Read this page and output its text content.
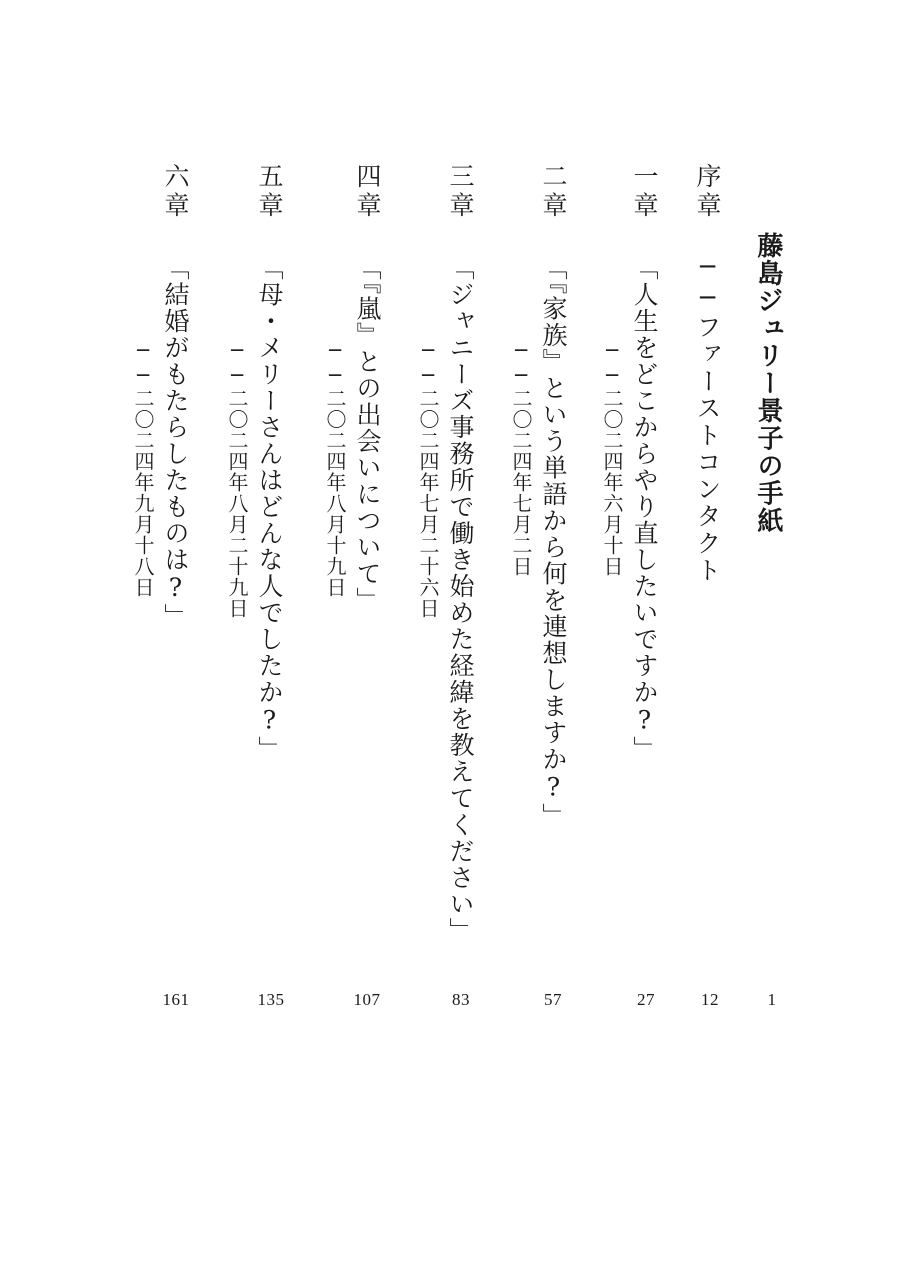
藤島ジュリー景子の手紙
1
序章
──ファーストコンタクト
12
一章
「人生をどこからやり直したいですか?」
──二〇二四年六月十日
27
二章
「『家族』という単語から何を連想しますか?」
──二〇二四年七月二日
57
三章
「ジャニーズ事務所で働き始めた経緯を教えてください」
──二〇二四年七月二十六日
83
四章
「『嵐』との出会いについて」
──二〇二四年八月十九日
107
五章
「母・メリーさんはどんな人でしたか?」
──二〇二四年八月二十九日
135
六章
「結婚がもたらしたものは?」
──二〇二四年九月十八日
161
